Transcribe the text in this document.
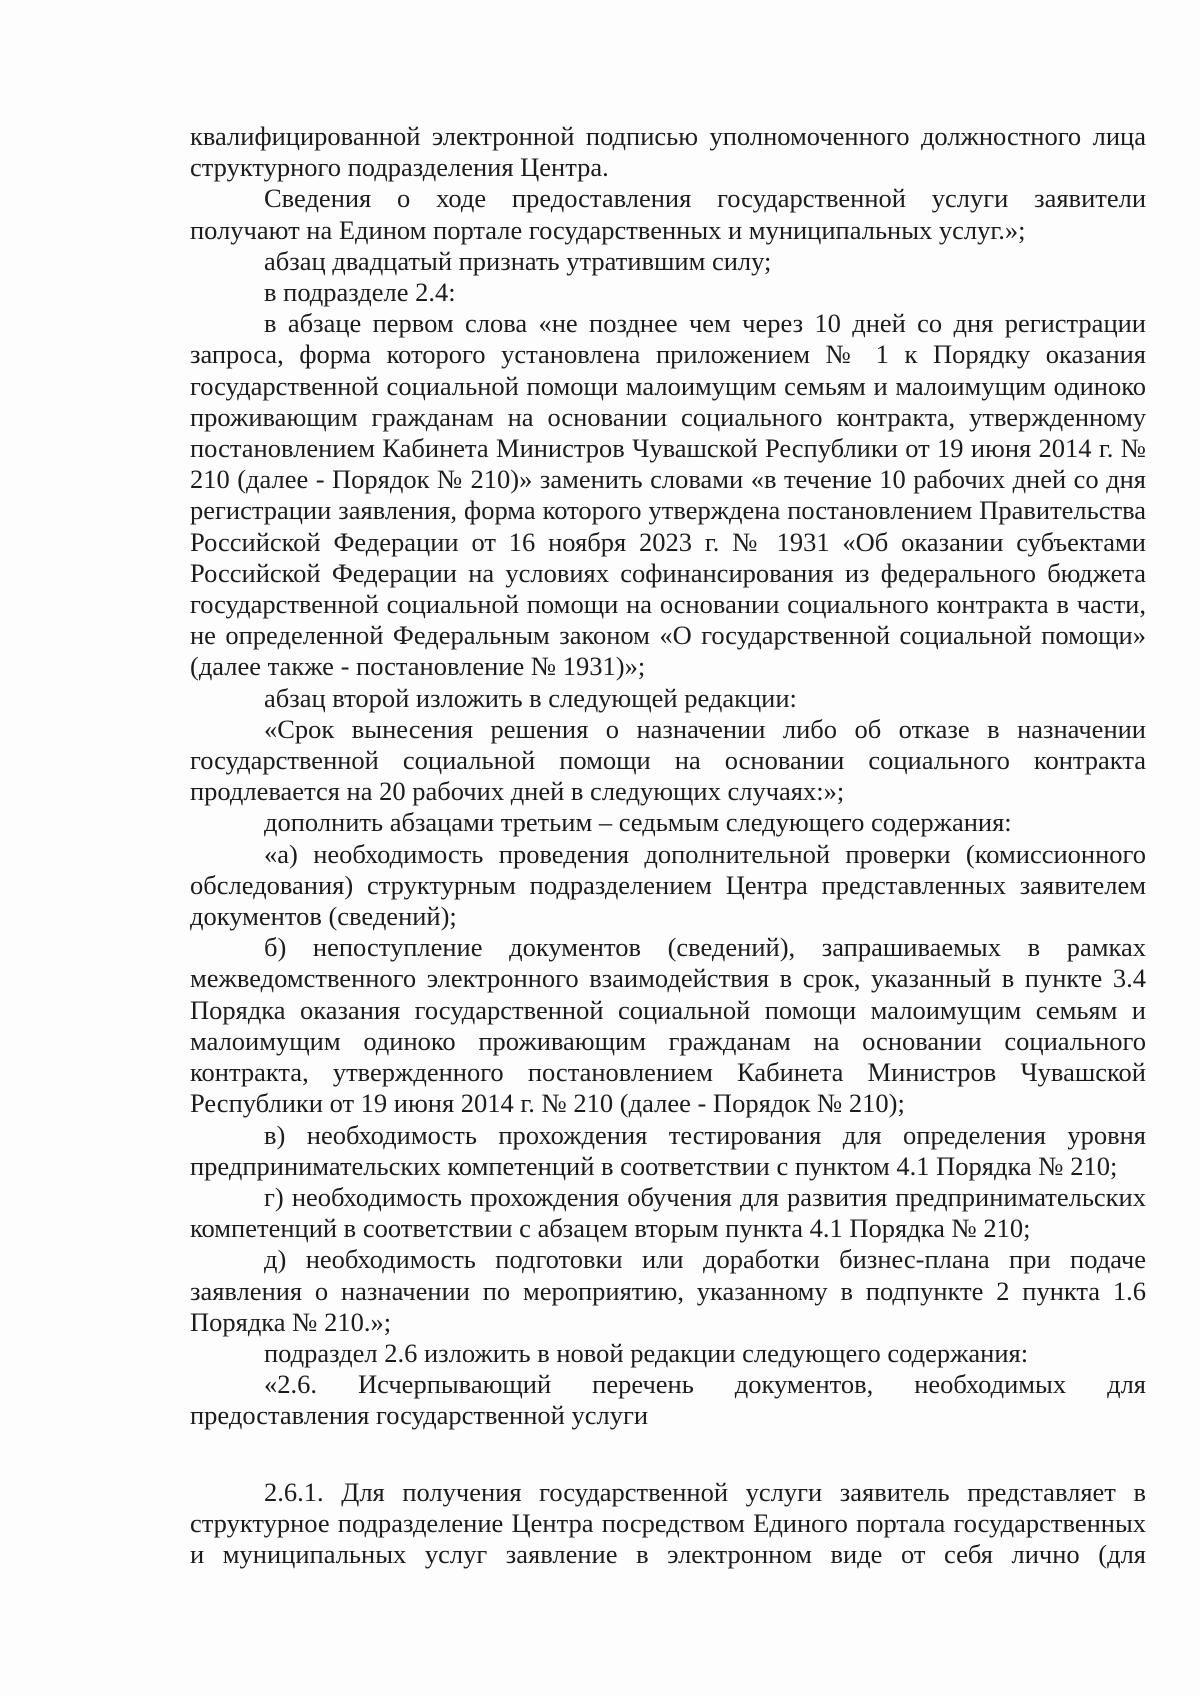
квалифицированной электронной подписью уполномоченного должностного лица структурного подразделения Центра.

Сведения о ходе предоставления государственной услуги заявители получают на Едином портале государственных и муниципальных услуг.»;

абзац двадцатый признать утратившим силу;

в подразделе 2.4:

в абзаце первом слова «не позднее чем через 10 дней со дня регистрации запроса, форма которого установлена приложением № 1 к Порядку оказания государственной социальной помощи малоимущим семьям и малоимущим одиноко проживающим гражданам на основании социального контракта, утвержденному постановлением Кабинета Министров Чувашской Республики от 19 июня 2014 г. № 210 (далее - Порядок № 210)» заменить словами «в течение 10 рабочих дней со дня регистрации заявления, форма которого утверждена постановлением Правительства Российской Федерации от 16 ноября 2023 г. № 1931 «Об оказании субъектами Российской Федерации на условиях софинансирования из федерального бюджета государственной социальной помощи на основании социального контракта в части, не определенной Федеральным законом «О государственной социальной помощи» (далее также - постановление № 1931)»;

абзац второй изложить в следующей редакции:

«Срок вынесения решения о назначении либо об отказе в назначении государственной социальной помощи на основании социального контракта продлевается на 20 рабочих дней в следующих случаях:»;

дополнить абзацами третьим – седьмым следующего содержания:

«а) необходимость проведения дополнительной проверки (комиссионного обследования) структурным подразделением Центра представленных заявителем документов (сведений);

б) непоступление документов (сведений), запрашиваемых в рамках межведомственного электронного взаимодействия в срок, указанный в пункте 3.4 Порядка оказания государственной социальной помощи малоимущим семьям и малоимущим одиноко проживающим гражданам на основании социального контракта, утвержденного постановлением Кабинета Министров Чувашской Республики от 19 июня 2014 г. № 210 (далее - Порядок № 210);

в) необходимость прохождения тестирования для определения уровня предпринимательских компетенций в соответствии с пунктом 4.1 Порядка № 210;

г) необходимость прохождения обучения для развития предпринимательских компетенций в соответствии с абзацем вторым пункта 4.1 Порядка № 210;

д) необходимость подготовки или доработки бизнес-плана при подаче заявления о назначении по мероприятию, указанному в подпункте 2 пункта 1.6 Порядка № 210.»;

подраздел 2.6 изложить в новой редакции следующего содержания:

«2.6. Исчерпывающий перечень документов, необходимых для предоставления государственной услуги

2.6.1. Для получения государственной услуги заявитель представляет в структурное подразделение Центра посредством Единого портала государственных и муниципальных услуг заявление в электронном виде от себя лично (для
